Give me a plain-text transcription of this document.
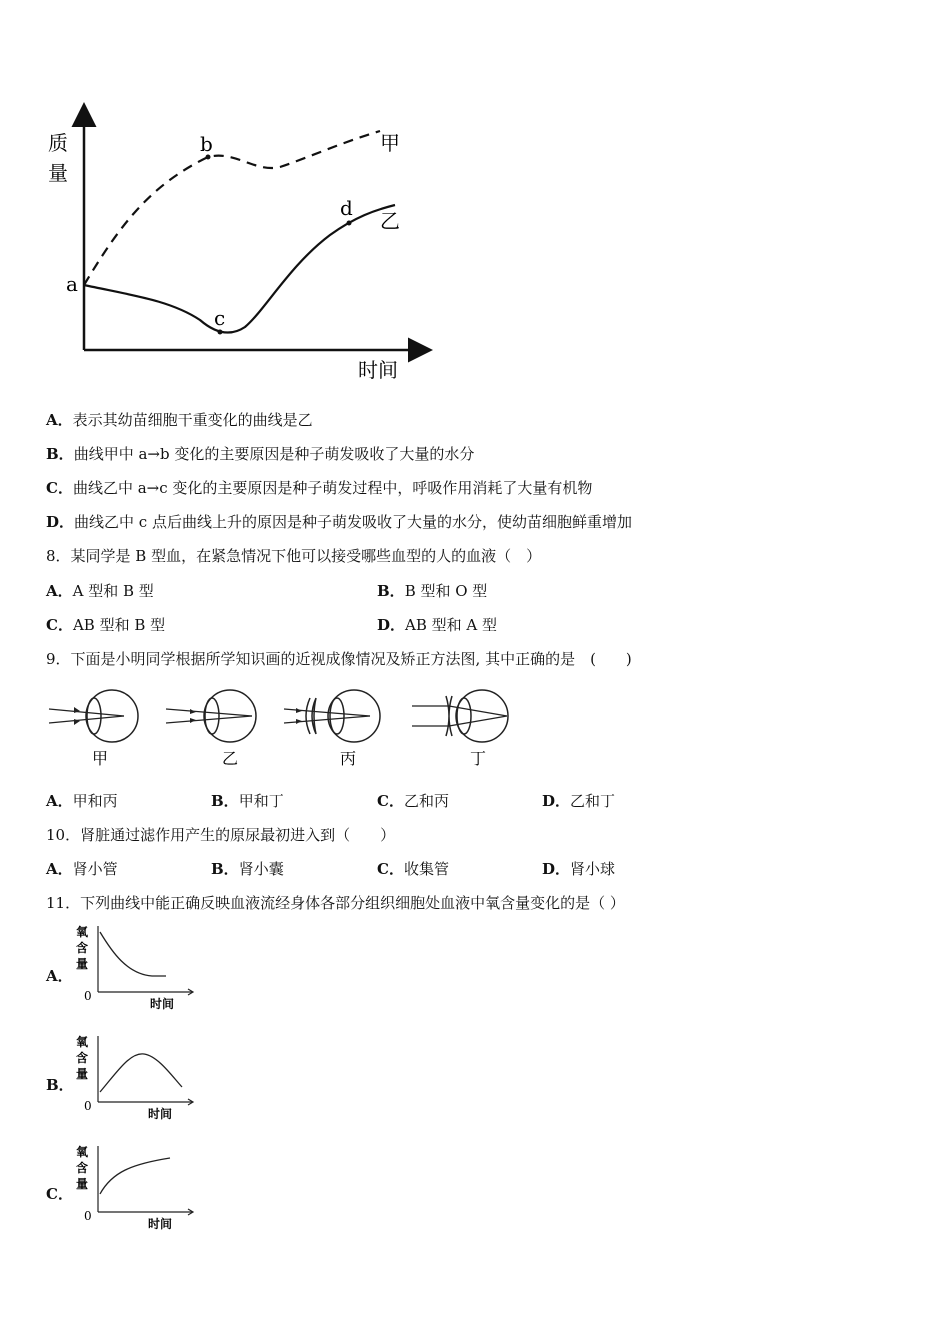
质
量
时间
a
b
c
d
甲
乙
A．表示其幼苗细胞干重变化的曲线是乙
B．曲线甲中 a→b 变化的主要原因是种子萌发吸收了大量的水分
C．曲线乙中 a→c 变化的主要原因是种子萌发过程中，呼吸作用消耗了大量有机物
D．曲线乙中 c 点后曲线上升的原因是种子萌发吸收了大量的水分，使幼苗细胞鲜重增加
8．某同学是 B 型血，在紧急情况下他可以接受哪些血型的人的血液（　）
A．A 型和 B 型	B．B 型和 O 型
C．AB 型和 B 型	D．AB 型和 A 型
9．下面是小明同学根据所学知识画的近视成像情况及矫正方法图, 其中正确的是　(　　)
甲	乙	丙	丁
A．甲和丙	B．甲和丁	C．乙和丙	D．乙和丁
10．肾脏通过滤作用产生的原尿最初进入到（　　）
A．肾小管	B．肾小囊	C．收集管	D．肾小球
11．下列曲线中能正确反映血液流经身体各部分组织细胞处血液中氧含量变化的是（ ）
A．
氧
含
量
0
时间
B．
氧
含
量
0
时间
C．
氧
含
量
0
时间
